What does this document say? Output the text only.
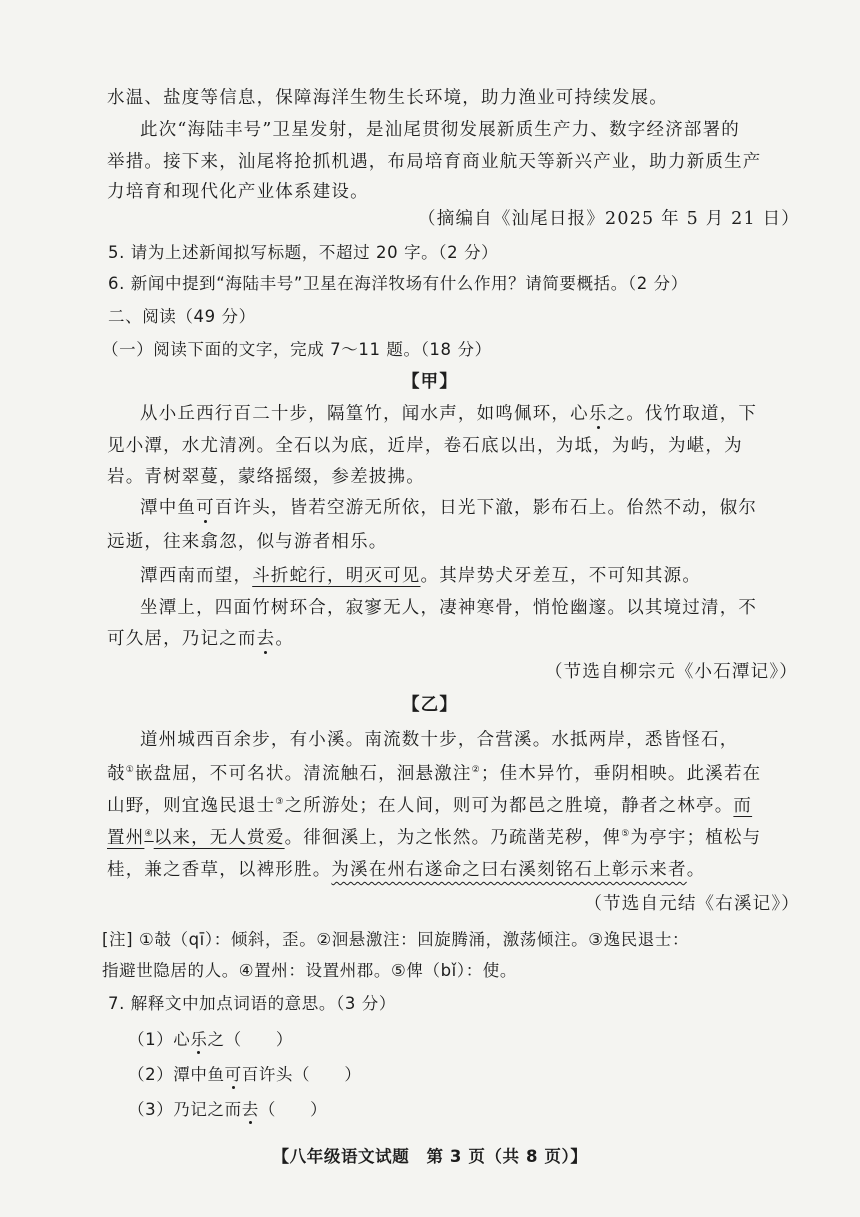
水温、盐度等信息，保障海洋生物生长环境，助力渔业可持续发展。
此次“海陆丰号”卫星发射，是汕尾贯彻发展新质生产力、数字经济部署的
举措。接下来，汕尾将抢抓机遇，布局培育商业航天等新兴产业，助力新质生产
力培育和现代化产业体系建设。
（摘编自《汕尾日报》2025 年 5 月 21 日）
5. 请为上述新闻拟写标题，不超过 20 字。（2 分）
6. 新闻中提到“海陆丰号”卫星在海洋牧场有什么作用？请简要概括。（2 分）
二、阅读（49 分）
（一）阅读下面的文字，完成 7～11 题。（18 分）
【甲】
从小丘西行百二十步，隔篁竹，闻水声，如鸣佩环，心乐之。伐竹取道，下
见小潭，水尤清冽。全石以为底，近岸，卷石底以出，为坻，为屿，为嵁，为
岩。青树翠蔓，蒙络摇缀，参差披拂。
潭中鱼可百许头，皆若空游无所依，日光下澈，影布石上。佁然不动，俶尔
远逝，往来翕忽，似与游者相乐。
潭西南而望，斗折蛇行，明灭可见。其岸势犬牙差互，不可知其源。
坐潭上，四面竹树环合，寂寥无人，凄神寒骨，悄怆幽邃。以其境过清，不
可久居，乃记之而去。
（节选自柳宗元《小石潭记》）
【乙】
道州城西百余步，有小溪。南流数十步，合营溪。水抵两岸，悉皆怪石，
攲①嵌盘屈，不可名状。清流触石，洄悬激注②；佳木异竹，垂阴相映。此溪若在
山野，则宜逸民退士③之所游处；在人间，则可为都邑之胜境，静者之林亭。而
置州④以来，无人赏爱。徘徊溪上，为之怅然。乃疏凿芜秽，俾⑤为亭宇；植松与
桂，兼之香草，以裨形胜。为溪在州右遂命之曰右溪刻铭石上彰示来者。
（节选自元结《右溪记》）
[注] ①攲（qī）：倾斜，歪。②洄悬激注：回旋腾涌，激荡倾注。③逸民退士：
指避世隐居的人。④置州：设置州郡。⑤俾（bǐ）：使。
7. 解释文中加点词语的意思。（3 分）
（1）心乐之（　　）
（2）潭中鱼可百许头（　　）
（3）乃记之而去（　　）
【八年级语文试题　第 3 页（共 8 页）】
